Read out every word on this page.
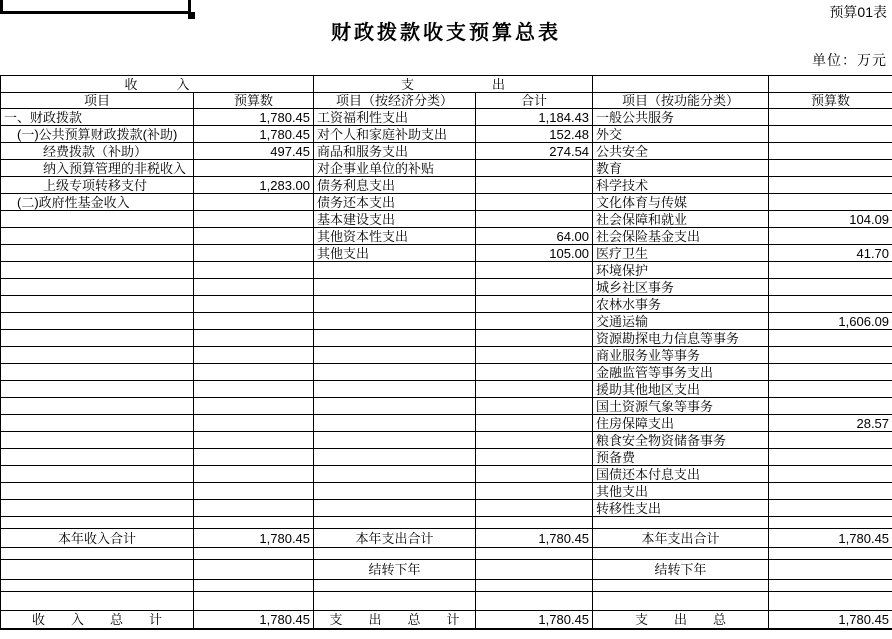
预算01表
财政拨款收支预算总表
单位：万元
收　　　入		支　　　　　　出			
项目	预算数	项目（按经济分类）	合计	项目（按功能分类）	预算数
一、财政拨款	1,780.45	工资福利性支出	1,184.43	一般公共服务	
　(一)公共预算财政拨款(补助)	1,780.45	对个人和家庭补助支出	152.48	外交	
　　　经费拨款（补助）	497.45	商品和服务支出	274.54	公共安全	
　　　纳入预算管理的非税收入		对企事业单位的补贴		教育	
　　　上级专项转移支付	1,283.00	债务利息支出		科学技术	
　(二)政府性基金收入		债务还本支出		文化体育与传媒	
		基本建设支出		社会保障和就业	104.09
		其他资本性支出	64.00	社会保险基金支出	
		其他支出	105.00	医疗卫生	41.70
				环境保护	
				城乡社区事务	
				农林水事务	
				交通运输	1,606.09
				资源勘探电力信息等事务	
				商业服务业等事务	
				金融监管等事务支出	
				援助其他地区支出	
				国土资源气象等事务	
				住房保障支出	28.57
				粮食安全物资储备事务	
				预备费	
				国债还本付息支出	
				其他支出	
				转移性支出	

本年收入合计	1,780.45	本年支出合计	1,780.45	本年支出合计	1,780.45

		结转下年		结转下年	

收　　入　　总　　计	1,780.45	支　　出　　总　　计	1,780.45	支　　出　　总	1,780.45
